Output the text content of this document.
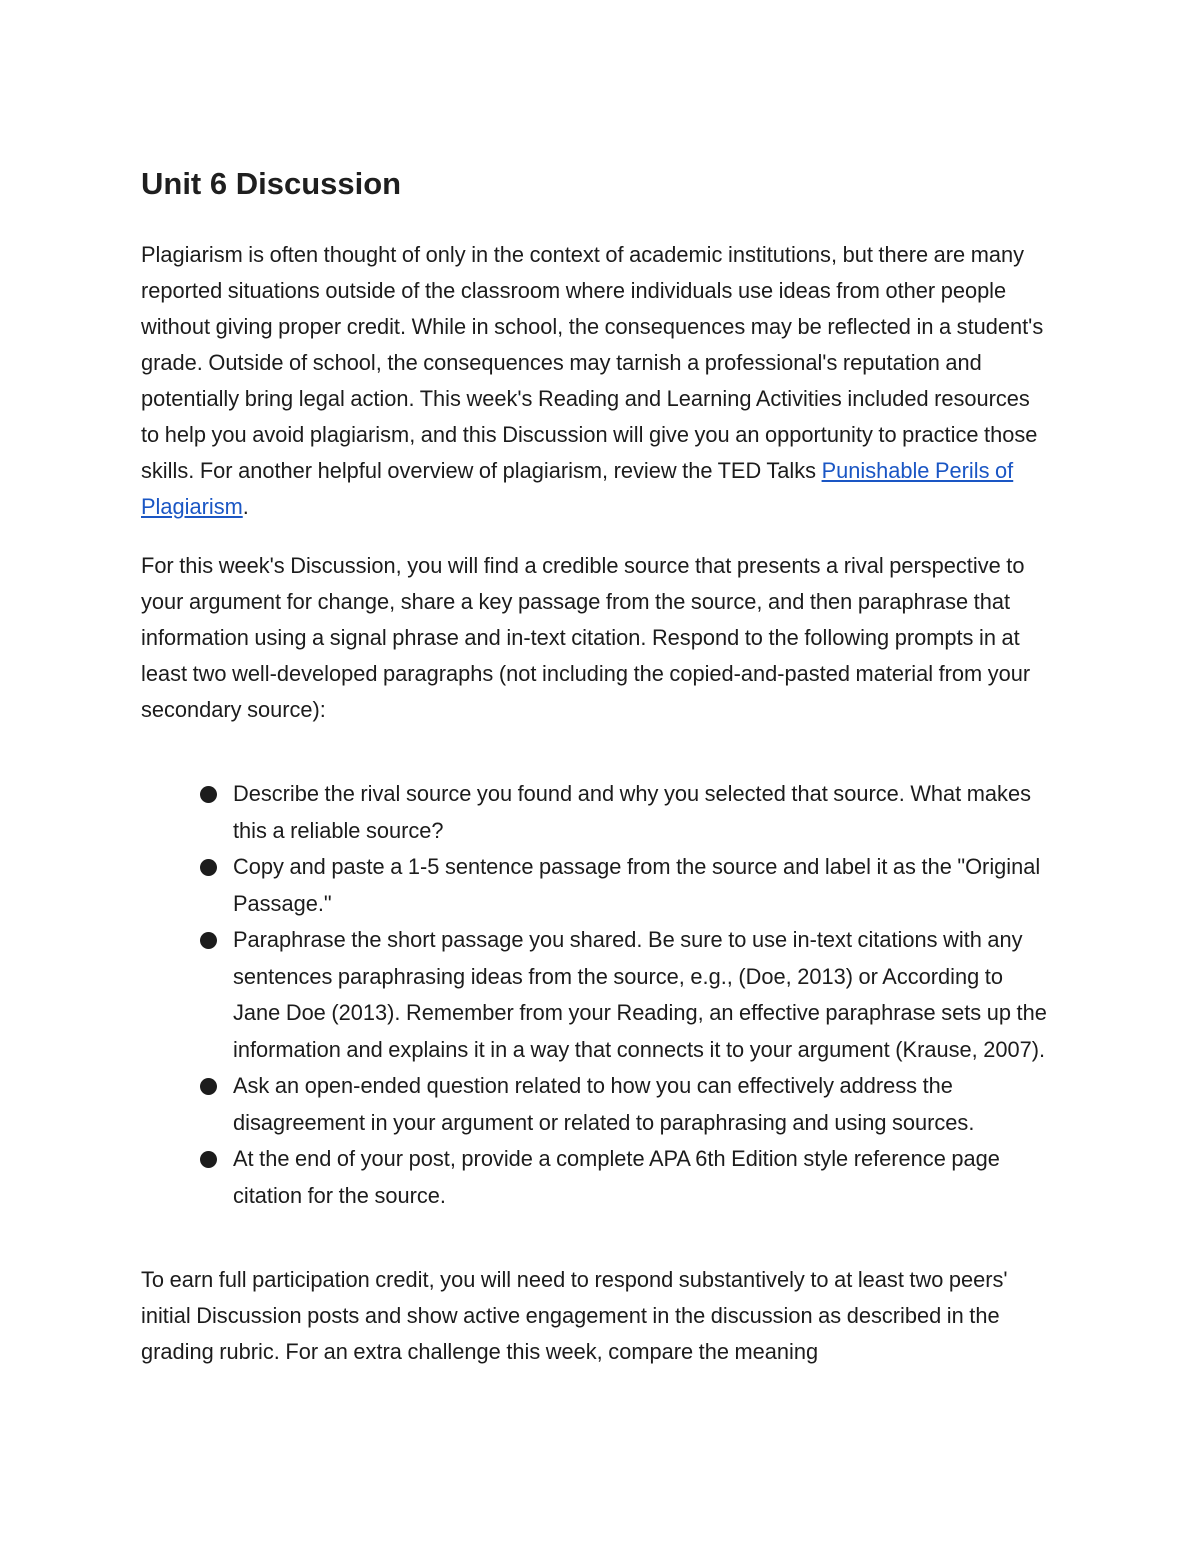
Unit 6 Discussion

Plagiarism is often thought of only in the context of academic institutions, but there are many reported situations outside of the classroom where individuals use ideas from other people without giving proper credit. While in school, the consequences may be reflected in a student's grade. Outside of school, the consequences may tarnish a professional's reputation and potentially bring legal action. This week's Reading and Learning Activities included resources to help you avoid plagiarism, and this Discussion will give you an opportunity to practice those skills. For another helpful overview of plagiarism, review the TED Talks Punishable Perils of Plagiarism.

For this week's Discussion, you will find a credible source that presents a rival perspective to your argument for change, share a key passage from the source, and then paraphrase that information using a signal phrase and in-text citation. Respond to the following prompts in at least two well-developed paragraphs (not including the copied-and-pasted material from your secondary source):

Describe the rival source you found and why you selected that source. What makes this a reliable source?
Copy and paste a 1-5 sentence passage from the source and label it as the "Original Passage."
Paraphrase the short passage you shared. Be sure to use in-text citations with any sentences paraphrasing ideas from the source, e.g., (Doe, 2013) or According to Jane Doe (2013). Remember from your Reading, an effective paraphrase sets up the information and explains it in a way that connects it to your argument (Krause, 2007).
Ask an open-ended question related to how you can effectively address the disagreement in your argument or related to paraphrasing and using sources.
At the end of your post, provide a complete APA 6th Edition style reference page citation for the source.

To earn full participation credit, you will need to respond substantively to at least two peers' initial Discussion posts and show active engagement in the discussion as described in the grading rubric. For an extra challenge this week, compare the meaning
